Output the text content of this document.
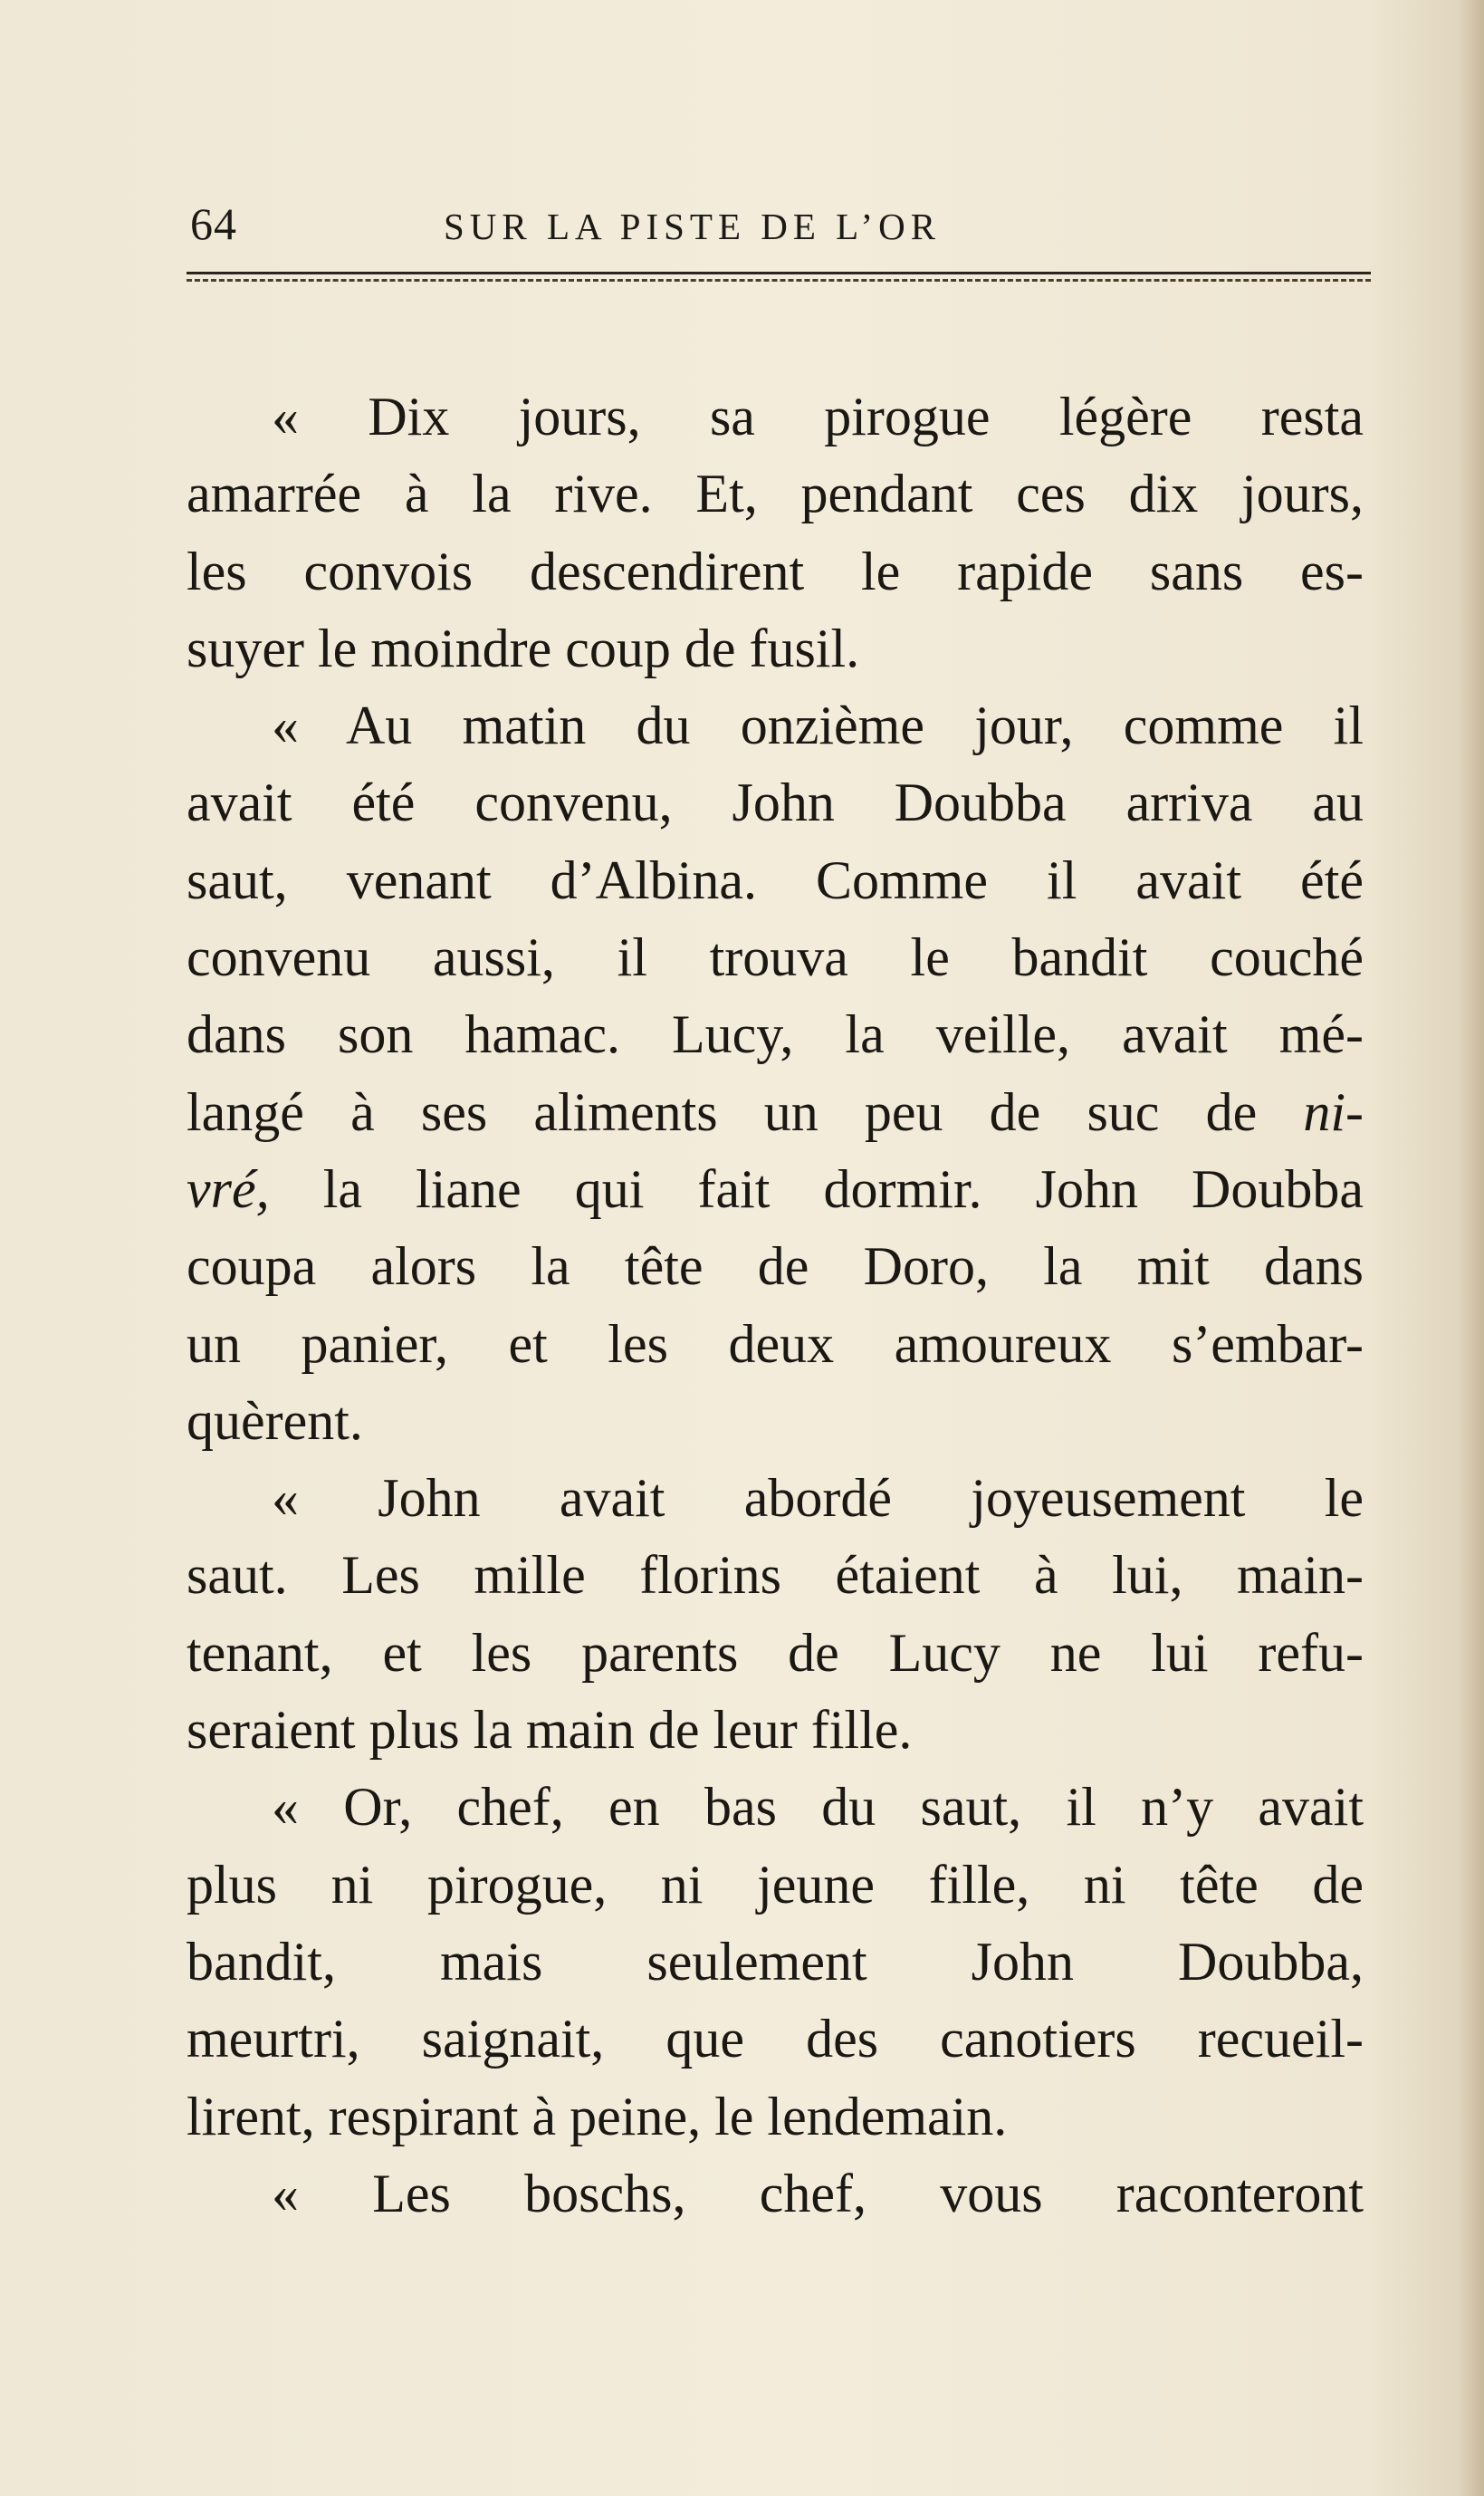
64	SUR LA PISTE DE L’OR
« Dix jours, sa pirogue légère resta
amarrée à la rive. Et, pendant ces dix jours,
les convois descendirent le rapide sans es-
suyer le moindre coup de fusil.
« Au matin du onzième jour, comme il
avait été convenu, John Doubba arriva au
saut, venant d’Albina. Comme il avait été
convenu aussi, il trouva le bandit couché
dans son hamac. Lucy, la veille, avait mé-
langé à ses aliments un peu de suc de ni-
vré, la liane qui fait dormir. John Doubba
coupa alors la tête de Doro, la mit dans
un panier, et les deux amoureux s’embar-
quèrent.
« John avait abordé joyeusement le
saut. Les mille florins étaient à lui, main-
tenant, et les parents de Lucy ne lui refu-
seraient plus la main de leur fille.
« Or, chef, en bas du saut, il n’y avait
plus ni pirogue, ni jeune fille, ni tête de
bandit, mais seulement John Doubba,
meurtri, saignait, que des canotiers recueil-
lirent, respirant à peine, le lendemain.
« Les boschs, chef, vous raconteront
